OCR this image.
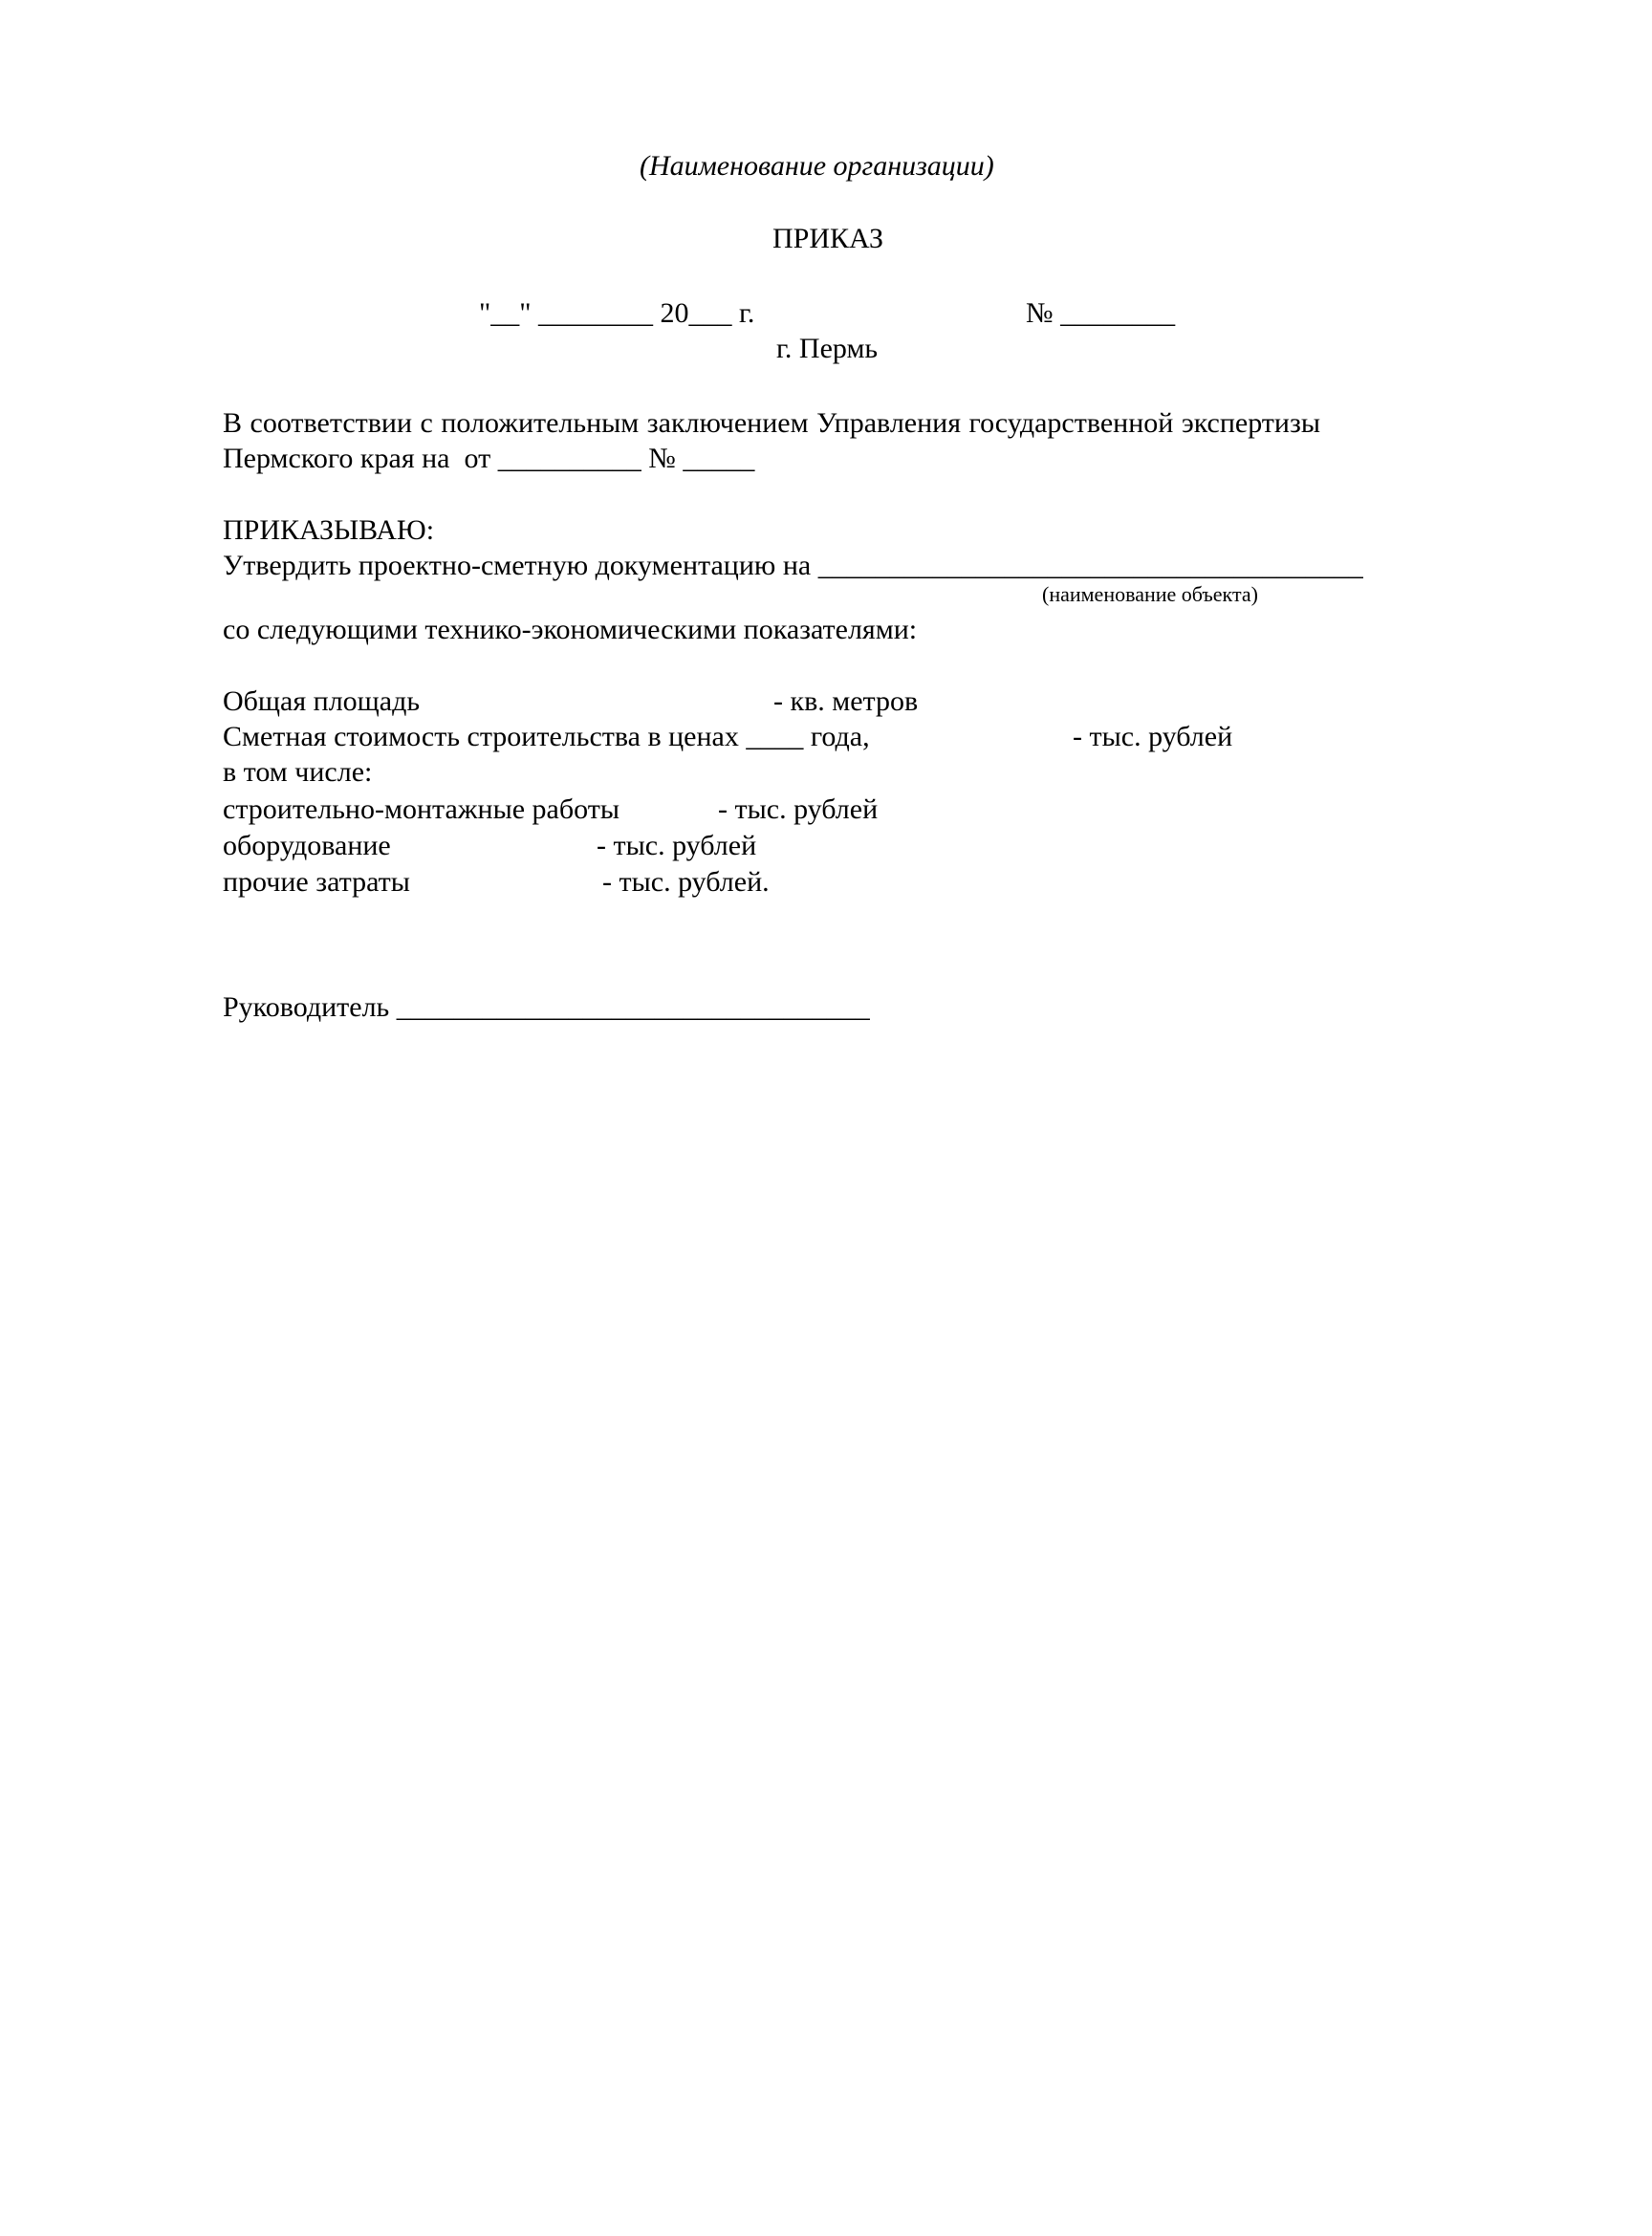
(Наименование организации)

ПРИКАЗ

"__" ________ 20___ г.	№ ________

г. Пермь

В соответствии с положительным заключением Управления государственной экспертизы

Пермского края на  от __________ № _____

ПРИКАЗЫВАЮ:

Утвердить проектно-сметную документацию на ______________________________________

(наименование объекта)

со следующими технико-экономическими показателями:

Общая площадь	- кв. метров

Сметная стоимость строительства в ценах ____ года,	- тыс. рублей

в том числе:

строительно-монтажные работы	- тыс. рублей

оборудование	- тыс. рублей

прочие затраты	- тыс. рублей.

Руководитель _________________________________
